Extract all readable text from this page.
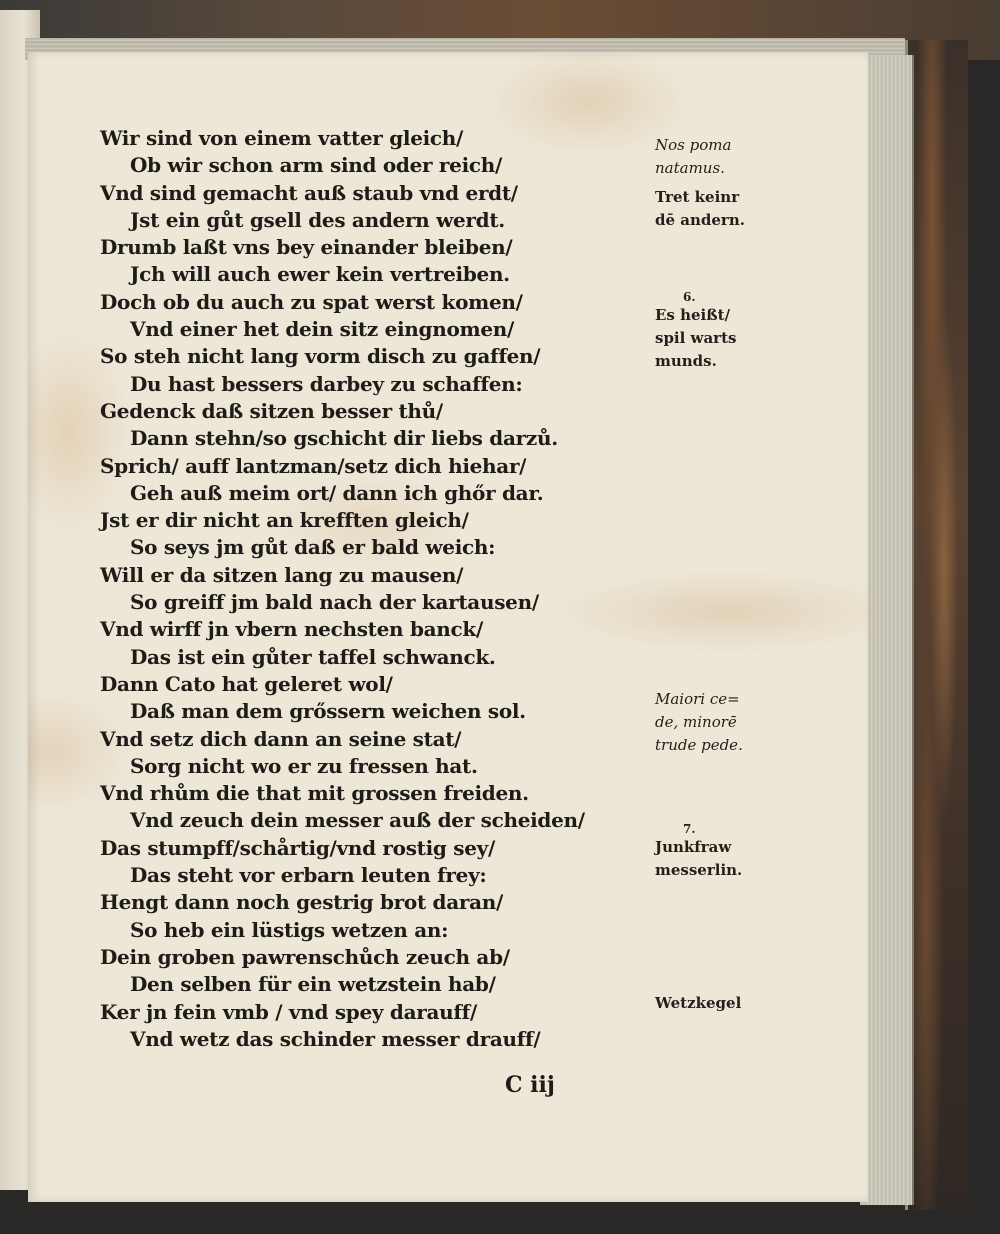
Wir sind von einem vatter gleich/
Ob wir schon arm sind oder reich/
Vnd sind gemacht auß staub vnd erdt/
Jst ein gůt gsell des andern werdt.
Drumb laßt vns bey einander bleiben/
Jch will auch ewer kein vertreiben.
Doch ob du auch zu spat werst komen/
Vnd einer het dein sitz eingnomen/
So steh nicht lang vorm disch zu gaffen/
Du hast bessers darbey zu schaffen:
Gedenck daß sitzen besser thů/
Dann stehn/so gschicht dir liebs darzů.
Sprich/ auff lantzman/setz dich hiehar/
Geh auß meim ort/ dann ich ghőr dar.
Jst er dir nicht an krefften gleich/
So seys jm gůt daß er bald weich:
Will er da sitzen lang zu mausen/
So greiff jm bald nach der kartausen/
Vnd wirff jn vbern nechsten banck/
Das ist ein gůter taffel schwanck.
Dann Cato hat geleret wol/
Daß man dem grőssern weichen sol.
Vnd setz dich dann an seine stat/
Sorg nicht wo er zu fressen hat.
Vnd rhům die that mit grossen freiden.
Vnd zeuch dein messer auß der scheiden/
Das stumpff/schårtig/vnd rostig sey/
Das steht vor erbarn leuten frey:
Hengt dann noch gestrig brot daran/
So heb ein lüstigs wetzen an:
Dein groben pawrenschůch zeuch ab/
Den selben für ein wetzstein hab/
Ker jn fein vmb / vnd spey darauff/
Vnd wetz das schinder messer drauff/
C iij
Nos poma
natamus.
Tret keinr
dē andern.
6.
Es heißt/
spil warts
munds.
Maiori ce=
de, minorē
trude pede.
7.
Junkfraw
messerlin.
Wetzkegel
